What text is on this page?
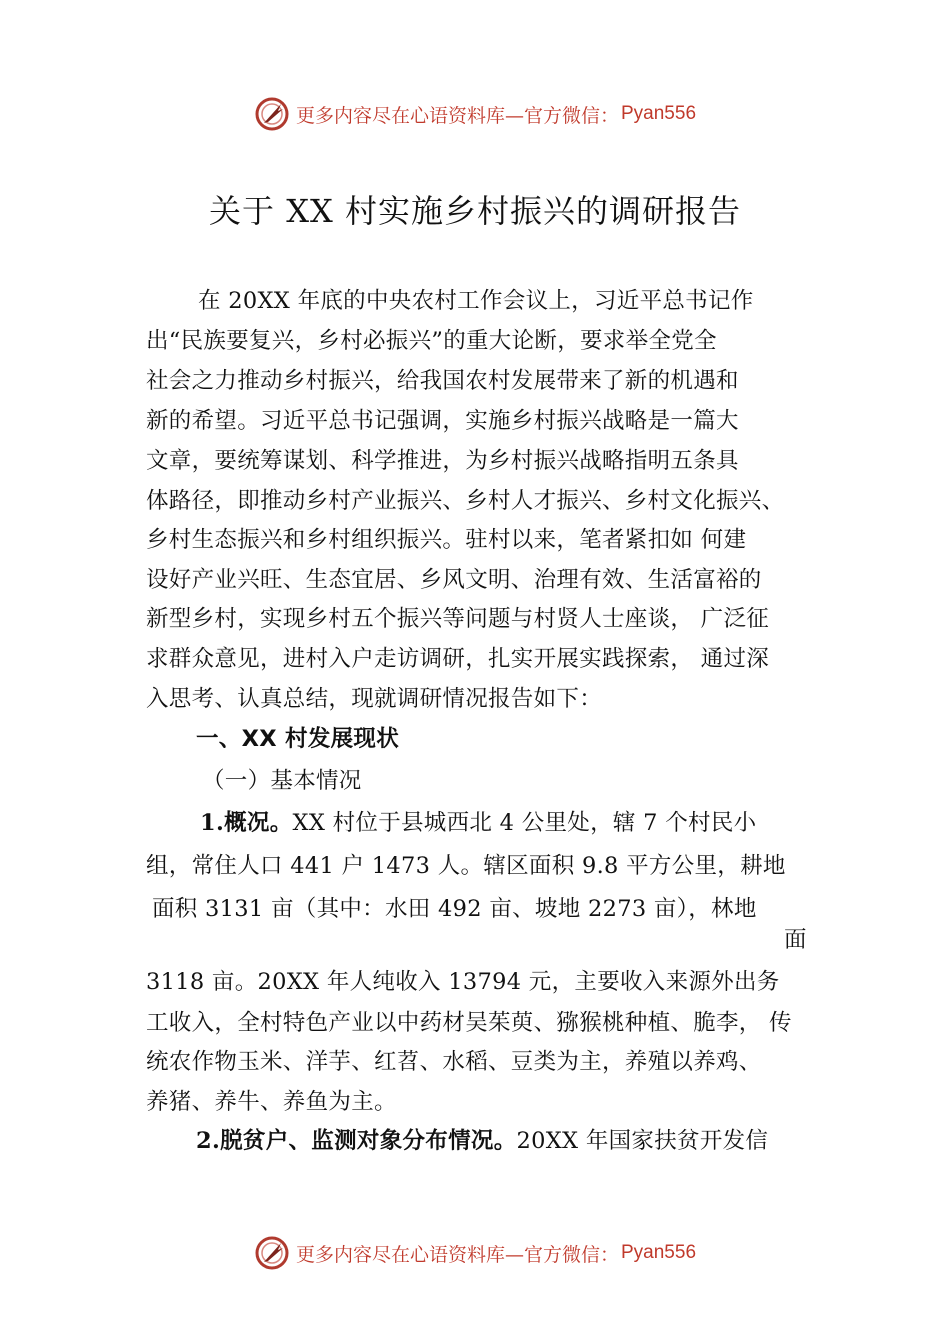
更多内容尽在心语资料库—官方微信： Pyan556
关于 XX 村实施乡村振兴的调研报告
在 20XX 年底的中央农村工作会议上，习近平总书记作
出“民族要复兴，乡村必振兴”的重大论断，要求举全党全
社会之力推动乡村振兴，给我国农村发展带来了新的机遇和
新的希望。习近平总书记强调，实施乡村振兴战略是一篇大
文章，要统筹谋划、科学推进，为乡村振兴战略指明五条具
体路径，即推动乡村产业振兴、乡村人才振兴、乡村文化振兴、
乡村生态振兴和乡村组织振兴。驻村以来，笔者紧扣如 何建
设好产业兴旺、生态宜居、乡风文明、治理有效、生活富裕的
新型乡村，实现乡村五个振兴等问题与村贤人士座谈， 广泛征
求群众意见，进村入户走访调研，扎实开展实践探索， 通过深
入思考、认真总结，现就调研情况报告如下：
一、XX 村发展现状
（一）基本情况
1.概况。XX 村位于县城西北 4 公里处，辖 7 个村民小
组，常住人口 441 户 1473 人。辖区面积 9.8 平方公里，耕地
面积 3131 亩（其中：水田 492 亩、坡地 2273 亩），林地
面
3118 亩。20XX 年人纯收入 13794 元，主要收入来源外出务
工收入，全村特色产业以中药材吴茱萸、猕猴桃种植、脆李， 传
统农作物玉米、洋芋、红苕、水稻、豆类为主，养殖以养鸡、
养猪、养牛、养鱼为主。
2.脱贫户、监测对象分布情况。20XX 年国家扶贫开发信
更多内容尽在心语资料库—官方微信： Pyan556
